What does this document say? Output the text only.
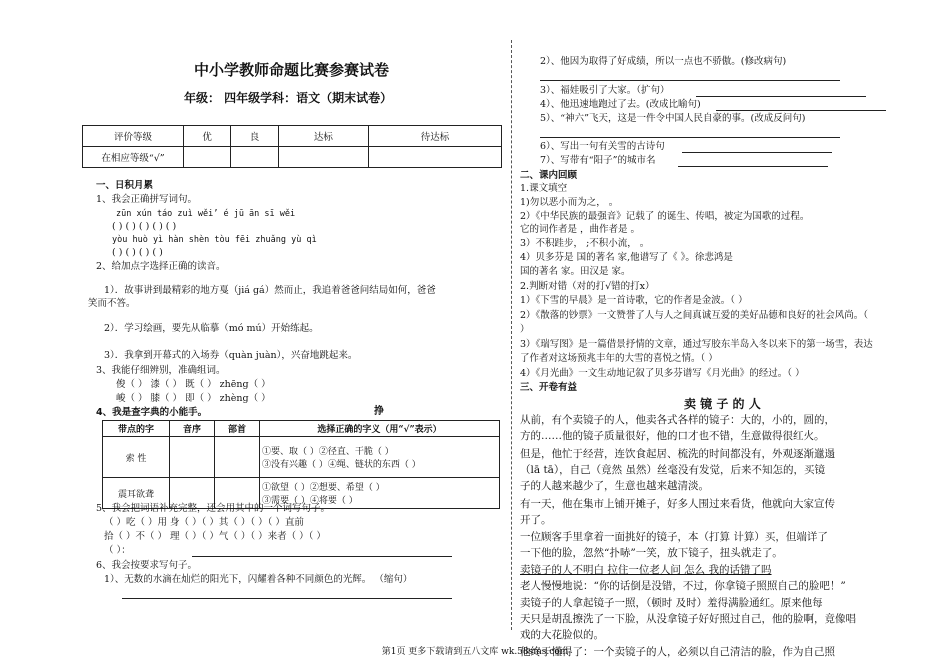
中小学教师命题比赛参赛试卷
年级： 四年级学科：语文（期末试卷）
评价等级	优	良	达标	待达标
在相应等级“√”				
一、日积月累
1、我会正确拼写词句。
zūn xún táo zuì wěi’ é jū ān sī wěi
( ) ( ) ( ) ( ) ( )
yòu huò yì hàn shèn tòu fēi zhuǎng yù qì
( ) ( ) ( ) ( )
2、给加点字选择正确的读音。
1）．故事讲到最精彩的地方戛（jiá gá）然而止，我追着爸爸问结局如何，爸爸
笑而不答。
2）．学习绘画，要先从临摹（mó mú）开始练起。
3）．我拿到开幕式的入场券（quàn juàn），兴奋地跳起来。
3、我能仔细辨别，准确组词。
俊（ ） 漆（ ） 既（ ） zhēng（ ）
峻（ ） 膝（ ） 即（ ） zhèng（ ）
挣
4、我是查字典的小能手。
带点的字	音序	部首	选择正确的字义（用“√”表示）
索 性			①要、取（ ）②径直、干脆（ ）
③没有兴趣（ ）④绳、链状的东西（ ）

震耳欲聋			①欲望（ ）②想要、希望（ ）
③需要（ ）④将要（ ）
5、我会把词语补充完整，还会用其中的一个词写句子。
（ ）吃（ ）用 身（ ）（ ）其（ ）（ ）（ ）直前
拾（ ）不（ ） 理（ ）（ ）气（ ）（ ）来者（ ）（ ）
（ ）：
6、我会按要求写句子。
1）、无数的水滴在灿烂的阳光下，闪耀着各种不同颜色的光辉。 （缩句）
2）、他因为取得了好成绩，所以一点也不骄傲。(修改病句)
3）、福娃吸引了大家。（扩句）
4）、他迅速地跑过了去。(改成比喻句)
5）、“神六”飞天，这是一件令中国人民自豪的事。(改成反问句)
6）、写出一句有关雪的古诗句
7）、写带有“阳子”的城市名
二、课内回顾
1.课文填空
1)勿以恶小而为之， 。
2）《中华民族的最强音》记载了 的诞生、传唱，被定为国歌的过程。
它的词作者是 ，曲作者是 。
3）不积跬步， ;不积小流， 。
4）贝多芬是 国的著名 家,他谱写了《 》。徐悲鸿是
国的著名 家。田汉是 家。
2.判断对错（对的打√错的打x）
1）《下雪的早晨》是一首诗歌，它的作者是金波。（ ）
2）《散落的钞票》一文赞誉了人与人之间真诚互爱的美好品德和良好的社会风尚。（
）
3）《瑞写图》是一篇借景抒情的文章，通过写胶东半岛入冬以来下的第一场雪，表达
了作者对这场预兆丰年的大雪的喜悦之情。（ ）
4）《月光曲》一文生动地记叙了贝多芬谱写《月光曲》的经过。（ ）
三、开卷有益
卖 镜 子 的 人
从前，有个卖镜子的人，他卖各式各样的镜子：大的，小的，圆的，
方的……他的镜子质量很好，他的口才也不错，生意做得很红火。
但是，他忙于经营，连饮食起居、梳洗的时间都没有，外观逐渐邋遢
（lā tā），自己（竟然 虽然）丝毫没有发觉，后来不知怎的，买镜
子的人越来越少了，生意也越来越清淡。
有一天，他在集市上铺开摊子，好多人围过来看货，他就向大家宣传
开了。
一位顾客手里拿着一面挑好的镜子，本（打算 计算）买，但端详了
一下他的脸，忽然“扑哧”一笑，放下镜子，扭头就走了。
卖镜子的人不明白 拉住一位老人问 怎么 我的话错了吗
老人慢慢地说：“你的话倒是没错，不过，你拿镜子照照自己的脸吧！”
卖镜子的人拿起镜子一照，（顿时 及时）羞得满脸通红。原来他每
天只是胡乱擦洗了一下脸，从没拿镜子好好照过自己，他的脸啊，竟像唱
戏的大花脸似的。
他终于懂得了：一个卖镜子的人，必须以自己清洁的脸，作为自己照
第1页 更多下载请到五八文库 wk.58sms.com
